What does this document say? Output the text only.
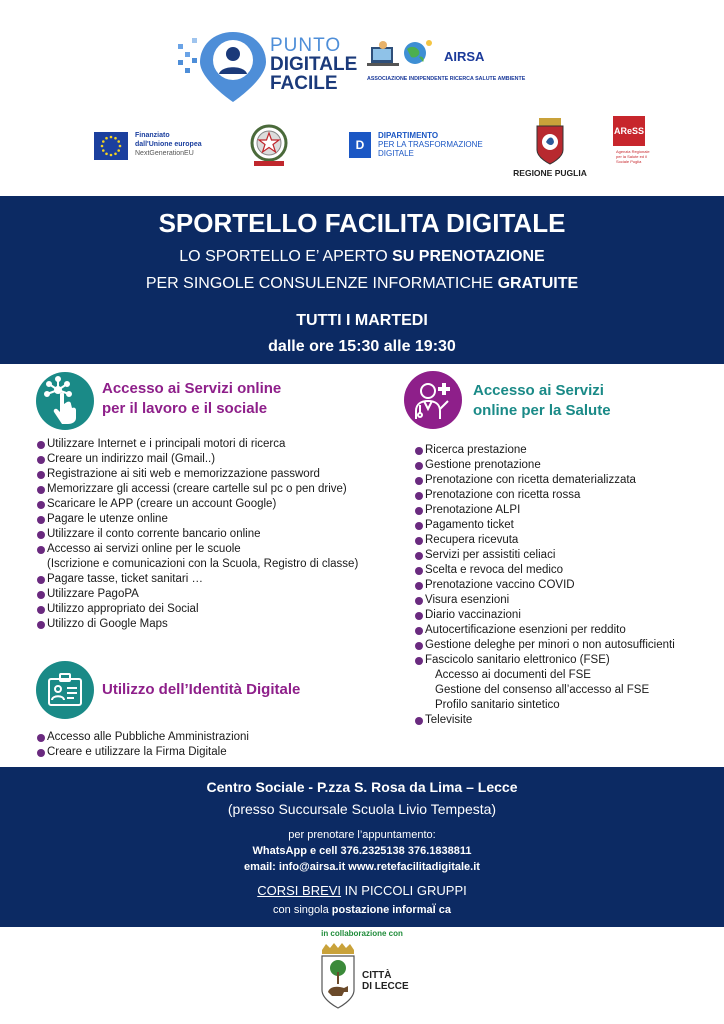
PUNTO
DIGITALE
FACILE
AIRSA
ASSOCIAZIONE INDIPENDENTE RICERCA SALUTE AMBIENTE
Finanziato
dall'Unione europea
NextGenerationEU
D
DIPARTIMENTO
PER LA TRASFORMAZIONE
DIGITALE
REGIONE PUGLIA
AReSS
Agenzia Regionale per la Salute ed il Sociale Puglia
SPORTELLO FACILITA DIGITALE
LO SPORTELLO E’ APERTO SU PRENOTAZIONE
PER SINGOLE CONSULENZE INFORMATICHE GRATUITE
TUTTI I MARTEDI
dalle ore 15:30 alle 19:30
Accesso ai Servizi online
per il lavoro e il sociale
Utilizzare Internet e i principali motori di ricerca
Creare un indirizzo mail (Gmail..)
Registrazione ai siti web e memorizzazione password
Memorizzare gli accessi (creare cartelle sul pc o pen drive)
Scaricare le APP (creare un account Google)
Pagare le utenze online
Utilizzare il conto corrente bancario online
Accesso ai servizi online per le scuole
(Iscrizione e comunicazioni con la Scuola, Registro di classe)
Pagare tasse, ticket sanitari …
Utilizzare PagoPA
Utilizzo appropriato dei Social
Utilizzo di Google Maps
Accesso ai Servizi
online per la Salute
Ricerca prestazione
Gestione prenotazione
Prenotazione con ricetta dematerializzata
Prenotazione con ricetta rossa
Prenotazione ALPI
Pagamento ticket
Recupera ricevuta
Servizi per assistiti celiaci
Scelta e revoca del medico
Prenotazione vaccino COVID
Visura esenzioni
Diario vaccinazioni
Autocertificazione esenzioni per reddito
Gestione deleghe per minori o non autosufficienti
Fascicolo sanitario elettronico (FSE)
Accesso ai documenti del FSE
Gestione del consenso all’accesso al FSE
Profilo sanitario sintetico
Televisite
Utilizzo dell’Identità Digitale
Accesso alle Pubbliche Amministrazioni
Creare e utilizzare la Firma Digitale
Centro Sociale - P.zza S. Rosa da Lima – Lecce
(presso Succursale Scuola Livio Tempesta)
per prenotare l’appuntamento:
WhatsApp e cell 376.2325138 376.1838811
email: info@airsa.it www.retefacilitadigitale.it
CORSI BREVI IN PICCOLI GRUPPI
con singola postazione informaÏ ca
in collaborazione con
CITTÀ
DI LECCE
